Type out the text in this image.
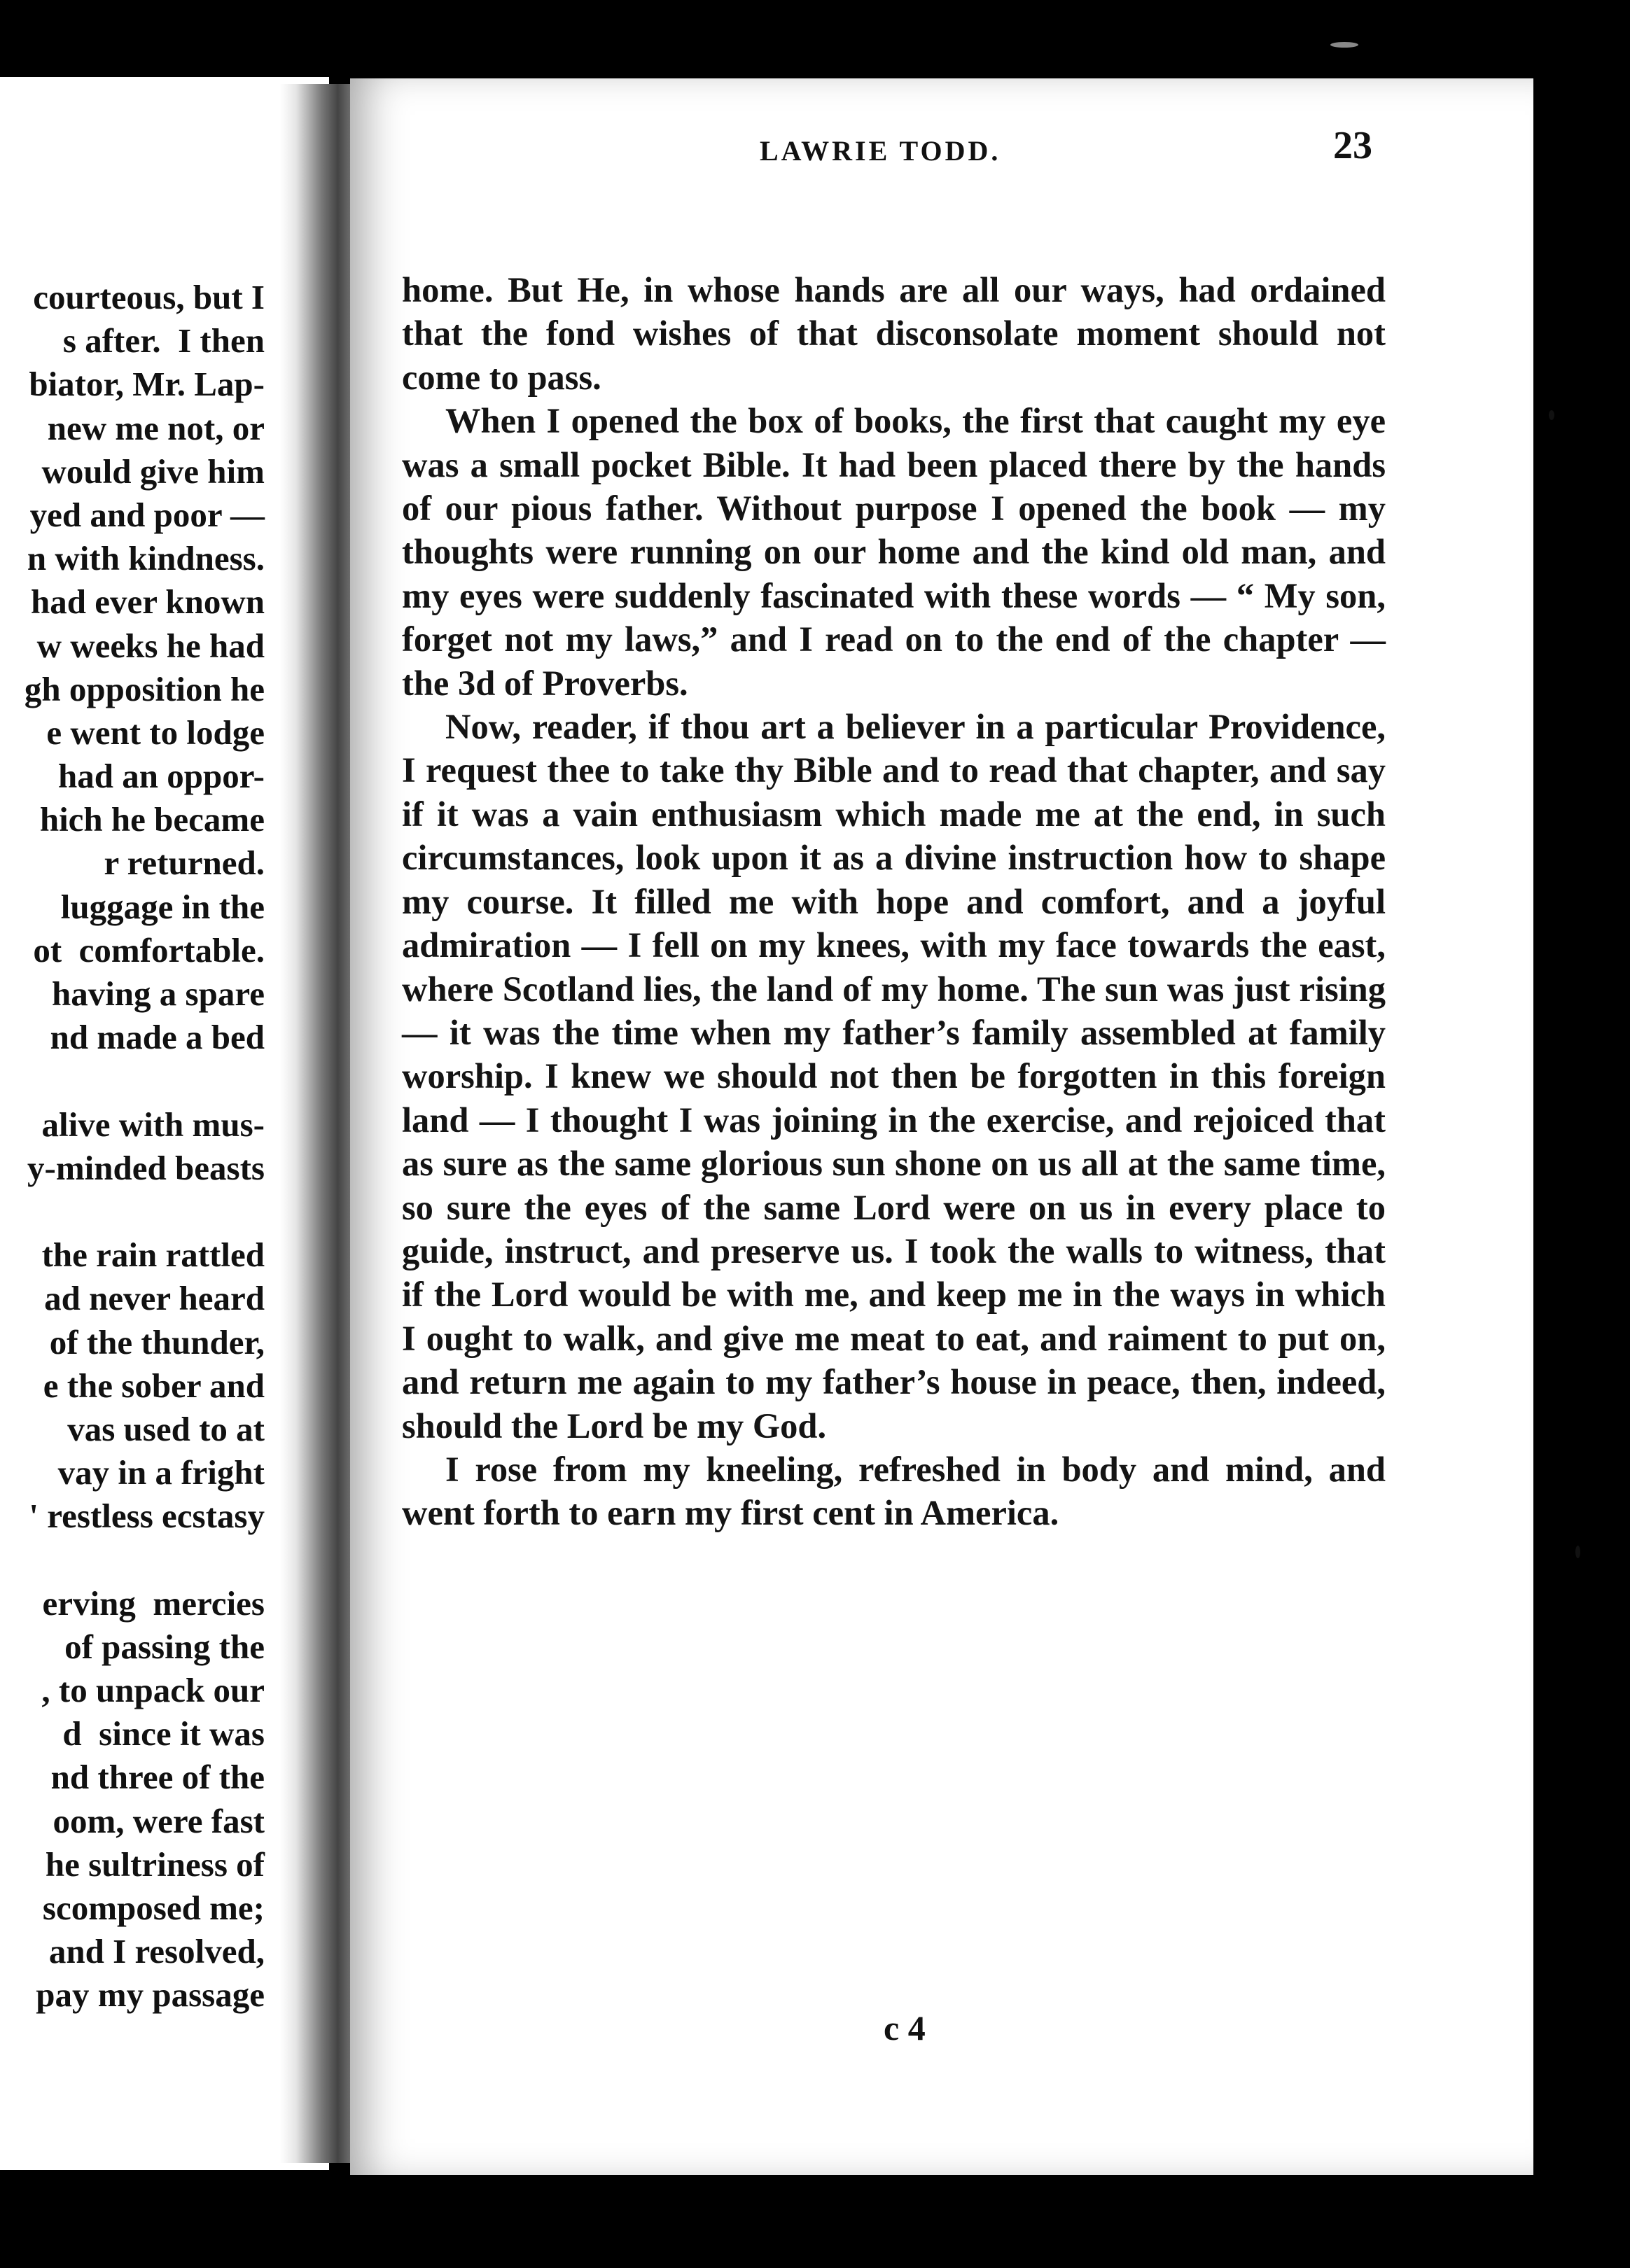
courteous, but I
s after.  I then
biator, Mr. Lap-
new me not, or
would give him
yed and poor —
n with kindness.
had ever known
w weeks he had
gh opposition he
e went to lodge
had an oppor-
hich he became
r returned.
luggage in the
ot  comfortable.
having a spare
nd made a bed
alive with mus-
y-minded beasts
the rain rattled
ad never heard
of the thunder,
e the sober and
vas used to at
vay in a fright
' restless ecstasy
erving  mercies
of passing the
, to unpack our
d  since it was
nd three of the
oom, were fast
he sultriness of
scomposed me;
and I resolved,
pay my passage
LAWRIE TODD.	23

home. But He, in whose hands are all our ways, had ordained that the fond wishes of that disconsolate moment should not come to pass.

When I opened the box of books, the first that caught my eye was a small pocket Bible. It had been placed there by the hands of our pious father. Without purpose I opened the book — my thoughts were running on our home and the kind old man, and my eyes were suddenly fascinated with these words — “ My son, forget not my laws,” and I read on to the end of the chapter — the 3d of Proverbs.

Now, reader, if thou art a believer in a particular Providence, I request thee to take thy Bible and to read that chapter, and say if it was a vain enthusiasm which made me at the end, in such circumstances, look upon it as a divine instruction how to shape my course. It filled me with hope and comfort, and a joyful admiration — I fell on my knees, with my face towards the east, where Scotland lies, the land of my home. The sun was just rising — it was the time when my father’s family assembled at family worship. I knew we should not then be forgotten in this foreign land — I thought I was joining in the exercise, and rejoiced that as sure as the same glorious sun shone on us all at the same time, so sure the eyes of the same Lord were on us in every place to guide, instruct, and preserve us. I took the walls to witness, that if the Lord would be with me, and keep me in the ways in which I ought to walk, and give me meat to eat, and raiment to put on, and return me again to my father’s house in peace, then, indeed, should the Lord be my God.

I rose from my kneeling, refreshed in body and mind, and went forth to earn my first cent in America.

c 4
